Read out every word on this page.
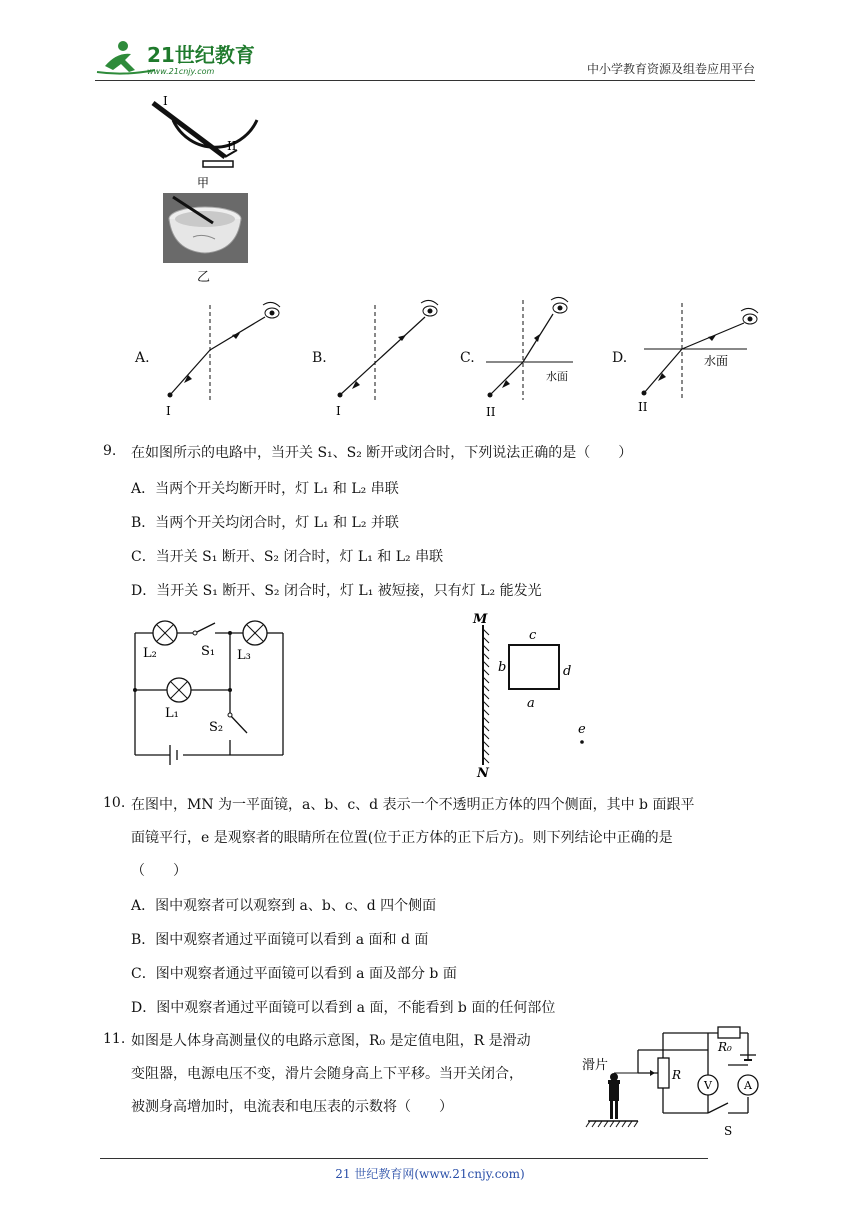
21世纪教育
www.21cnjy.com	中小学教育资源及组卷应用平台
I
II
甲
乙
A.
I
B.
I
C.
水面
II
D.	水面
II
9. 在如图所示的电路中，当开关 S₁、S₂ 断开或闭合时，下列说法正确的是（　　）
A．当两个开关均断开时，灯 L₁ 和 L₂ 串联
B．当两个开关均闭合时，灯 L₁ 和 L₂ 并联
C．当开关 S₁ 断开、S₂ 闭合时，灯 L₁ 和 L₂ 串联
D．当开关 S₁ 断开、S₂ 闭合时，灯 L₁ 被短接，只有灯 L₂ 能发光
L₂	S₁ L₃
L₁
S₂
M
N
c
b	d
a
e
10. 在图中，MN 为一平面镜，a、b、c、d 表示一个不透明正方体的四个侧面，其中 b 面跟平
面镜平行，e 是观察者的眼睛所在位置(位于正方体的正下后方)。则下列结论中正确的是
（　　）
A．图中观察者可以观察到 a、b、c、d 四个侧面
B．图中观察者通过平面镜可以看到 a 面和 d 面
C．图中观察者通过平面镜可以看到 a 面及部分 b 面
D．图中观察者通过平面镜可以看到 a 面，不能看到 b 面的任何部位
11. 如图是人体身高测量仪的电路示意图，R₀ 是定值电阻，R 是滑动
变阻器，电源电压不变，滑片会随身高上下平移。当开关闭合，
被测身高增加时，电流表和电压表的示数将（　　）
滑片
R
R₀
V	A
S
21 世纪教育网(www.21cnjy.com)
